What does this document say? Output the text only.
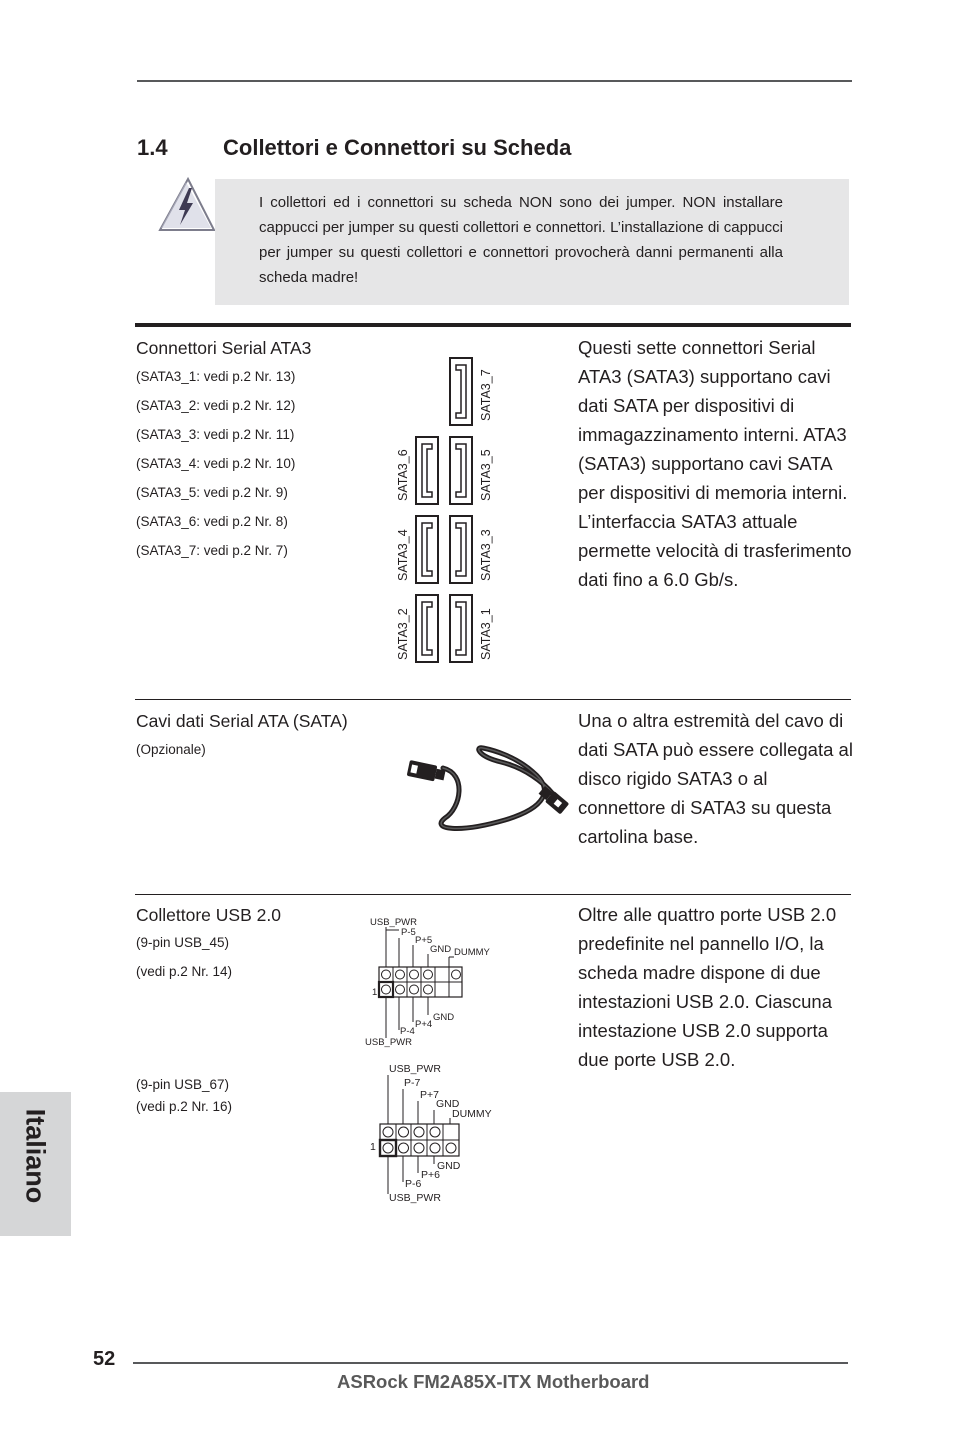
1.4	Collettori e Connettori su Scheda
I collettori ed i connettori su scheda NON sono dei jumper. NON installare cappucci per jumper su questi collettori e connettori. L’installazione di cappucci per jumper su questi collettori e connettori provocherà danni permanenti alla scheda madre!
Connettori Serial ATA3
(SATA3_1: vedi p.2 Nr. 13)
(SATA3_2: vedi p.2 Nr. 12)
(SATA3_3: vedi p.2 Nr. 11)
(SATA3_4: vedi p.2 Nr. 10)
(SATA3_5: vedi p.2 Nr. 9)
(SATA3_6: vedi p.2 Nr. 8)
(SATA3_7: vedi p.2 Nr. 7)
SATA3_7
SATA3_6	SATA3_5
SATA3_4	SATA3_3
SATA3_2	SATA3_1
Questi sette connettori Serial ATA3 (SATA3) supportano cavi dati SATA per dispositivi di immagazzinamento interni. ATA3 (SATA3) supportano cavi SATA per dispositivi di memoria interni. L’interfaccia SATA3 attuale permette velocità di trasferimento dati fino a 6.0 Gb/s.
Cavi dati Serial ATA (SATA)
(Opzionale)
Una o altra estremità del cavo di dati SATA può essere collegata al disco rigido SATA3 o al connettore di SATA3 su questa cartolina base.
Collettore USB 2.0
(9-pin USB_45)
(vedi p.2 Nr. 14)
(9-pin USB_67)
(vedi p.2 Nr. 16)
USB_PWR
P-5
P+5
GND DUMMY
GND
P+4
P-4
USB_PWR
1
USB_PWR
P-7
P+7
GND
DUMMY
GND
P+6
P-6
USB_PWR
1
Oltre alle quattro porte USB 2.0 predefinite nel pannello I/O, la scheda madre dispone di due intestazioni USB 2.0. Ciascuna intestazione USB 2.0 supporta due porte USB 2.0.
Italiano
52
ASRock FM2A85X-ITX Motherboard
